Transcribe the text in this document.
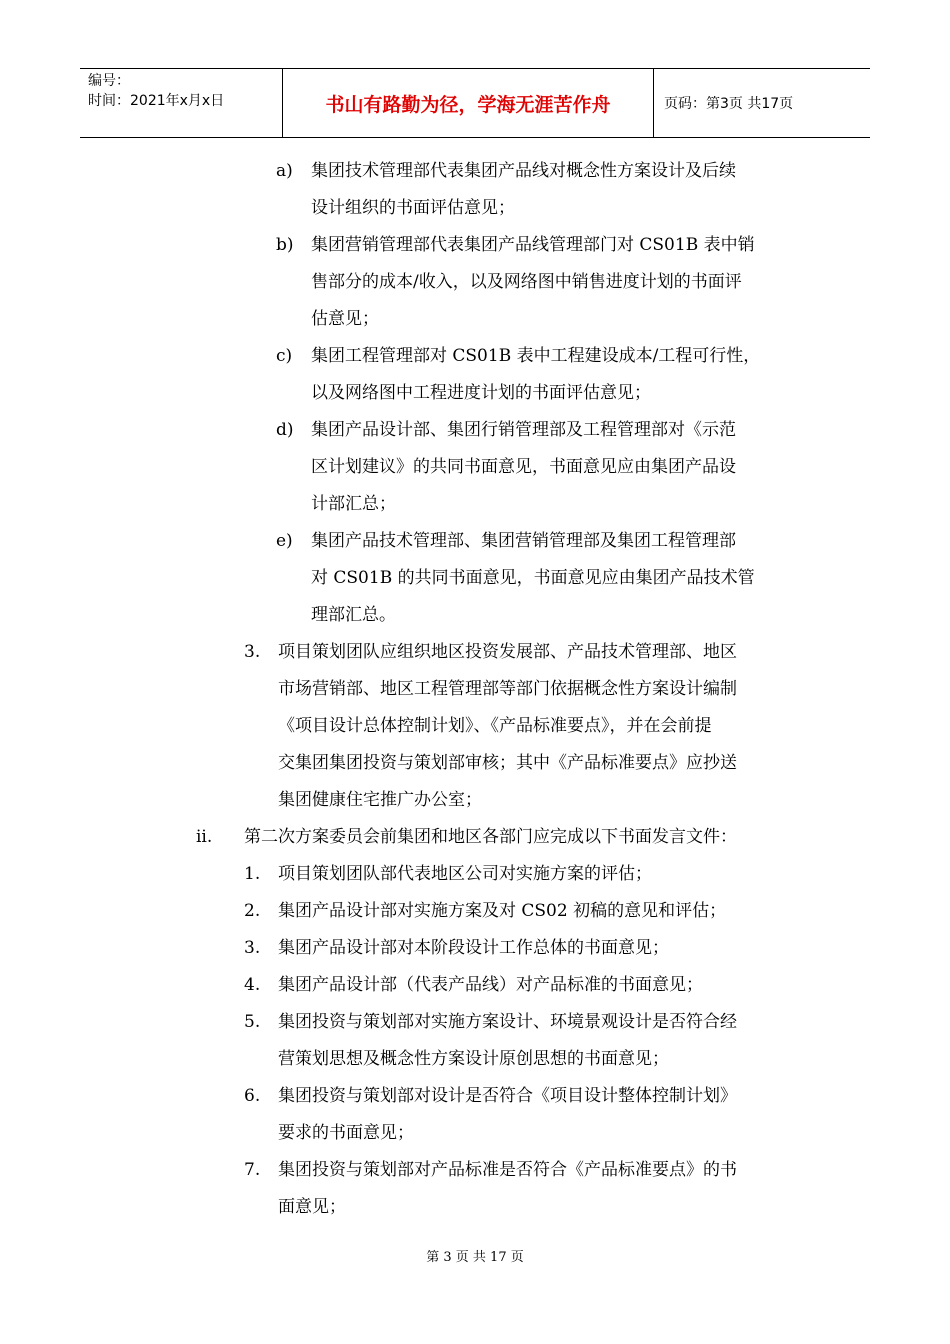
编号：
时间：2021年x月x日	书山有路勤为径，学海无涯苦作舟	页码：第3页 共17页
a) 集团技术管理部代表集团产品线对概念性方案设计及后续
设计组织的书面评估意见；
b) 集团营销管理部代表集团产品线管理部门对 CS01B 表中销
售部分的成本/收入，以及网络图中销售进度计划的书面评
估意见；
c) 集团工程管理部对 CS01B 表中工程建设成本/工程可行性，
以及网络图中工程进度计划的书面评估意见；
d) 集团产品设计部、集团行销管理部及工程管理部对《示范
区计划建议》的共同书面意见，书面意见应由集团产品设
计部汇总；
e) 集团产品技术管理部、集团营销管理部及集团工程管理部
对 CS01B 的共同书面意见，书面意见应由集团产品技术管
理部汇总。
3. 项目策划团队应组织地区投资发展部、产品技术管理部、地区
市场营销部、地区工程管理部等部门依据概念性方案设计编制
《项目设计总体控制计划》、《产品标准要点》，并在会前提
交集团集团投资与策划部审核；其中《产品标准要点》应抄送
集团健康住宅推广办公室；
ii. 第二次方案委员会前集团和地区各部门应完成以下书面发言文件：
1. 项目策划团队部代表地区公司对实施方案的评估；
2. 集团产品设计部对实施方案及对 CS02 初稿的意见和评估；
3. 集团产品设计部对本阶段设计工作总体的书面意见；
4. 集团产品设计部（代表产品线）对产品标准的书面意见；
5. 集团投资与策划部对实施方案设计、环境景观设计是否符合经
营策划思想及概念性方案设计原创思想的书面意见；
6. 集团投资与策划部对设计是否符合《项目设计整体控制计划》
要求的书面意见；
7. 集团投资与策划部对产品标准是否符合《产品标准要点》的书
面意见；
第 3 页 共 17 页
